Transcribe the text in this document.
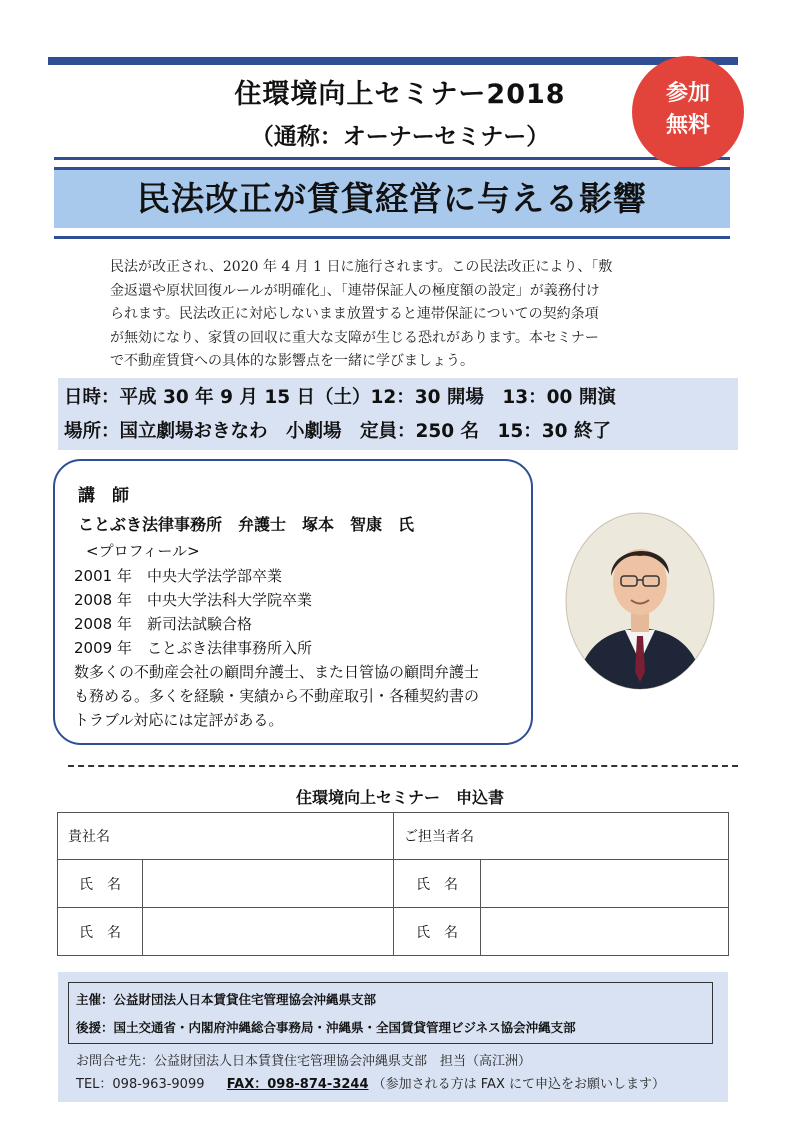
住環境向上セミナー2018
（通称：オーナーセミナー）
参加
無料
民法改正が賃貸経営に与える影響
民法が改正され、2020 年 4 月 1 日に施行されます。この民法改正により、「敷
金返還や原状回復ルールが明確化」、「連帯保証人の極度額の設定」が義務付け
られます。民法改正に対応しないまま放置すると連帯保証についての契約条項
が無効になり、家賃の回収に重大な支障が生じる恐れがあります。本セミナー
で不動産賃貸への具体的な影響点を一緒に学びましょう。
日時：平成 30 年 9 月 15 日（土）12：30 開場　13：00 開演
場所：国立劇場おきなわ　小劇場　定員：250 名　15：30 終了
講　師
ことぶき法律事務所　弁護士　塚本　智康　氏
<プロフィール>
2001 年　中央大学法学部卒業
2008 年　中央大学法科大学院卒業
2008 年　新司法試験合格
2009 年　ことぶき法律事務所入所
数多くの不動産会社の顧問弁護士、また日管協の顧問弁護士
も務める。多くを経験・実績から不動産取引・各種契約書の
トラブル対応には定評がある。
住環境向上セミナー　申込書
貴社名		ご担当者名	
氏　名		氏　名	
氏　名		氏　名	
主催：公益財団法人日本賃貸住宅管理協会沖縄県支部
後援：国土交通省・内閣府沖縄総合事務局・沖縄県・全国賃貸管理ビジネス協会沖縄支部
お問合せ先：公益財団法人日本賃貸住宅管理協会沖縄県支部　担当（高江洲）
TEL：098-963-9099 FAX：098-874-3244 （参加される方は FAX にて申込をお願いします）
